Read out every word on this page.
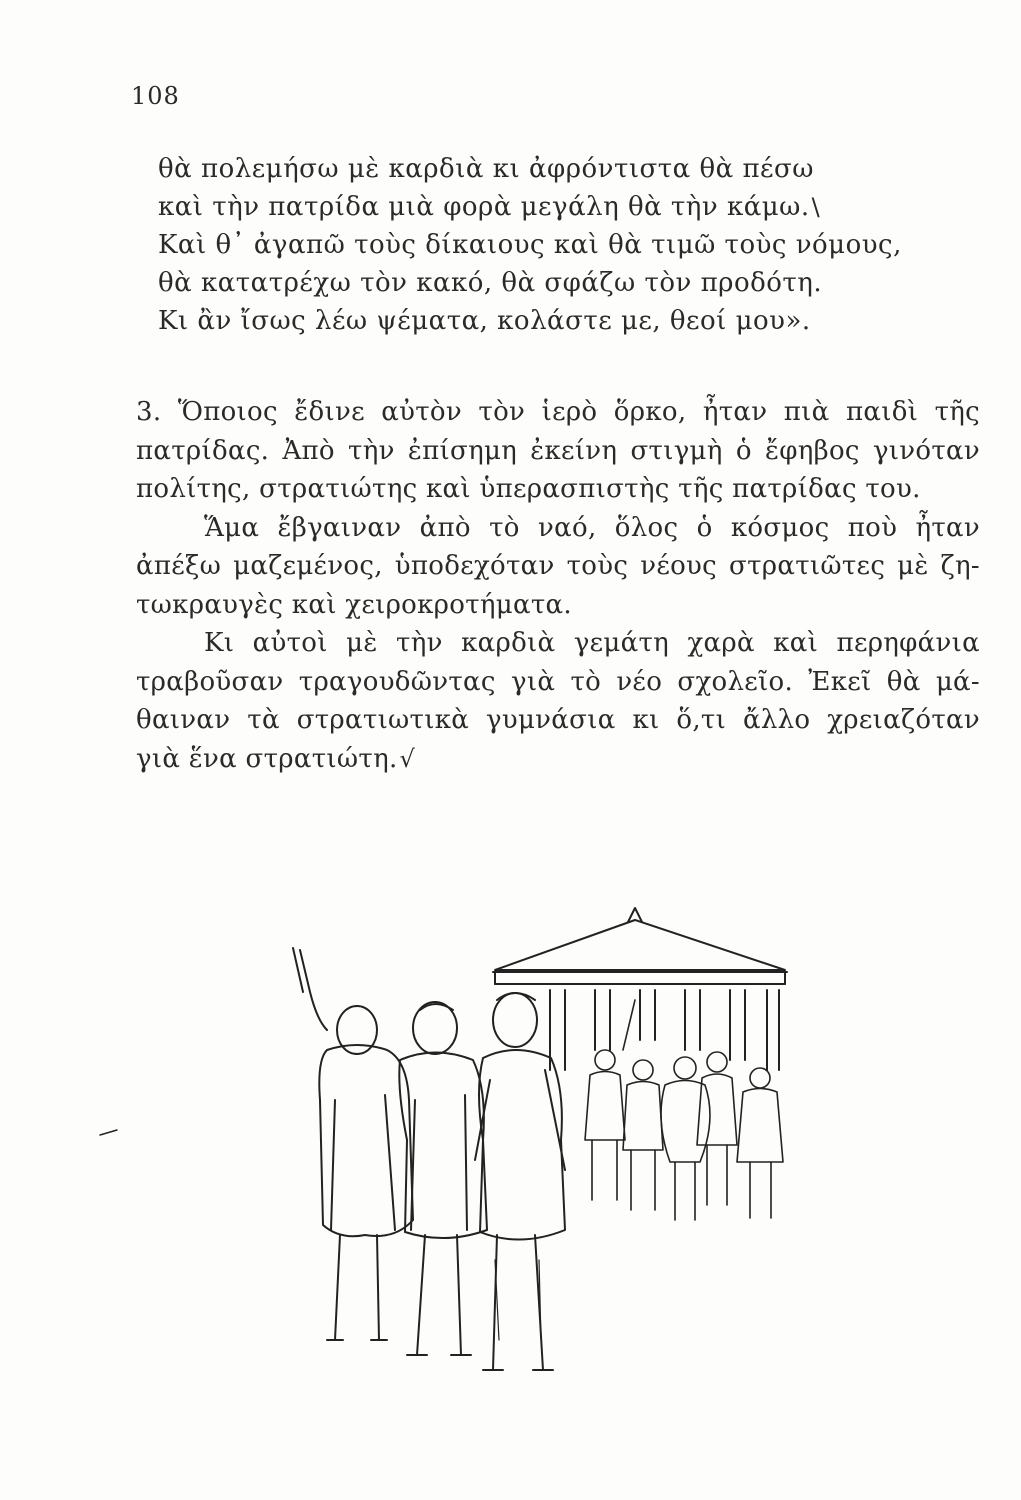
108
θὰ πολεμήσω μὲ καρδιὰ κι ἀφρόντιστα θὰ πέσω
καὶ τὴν πατρίδα μιὰ φορὰ μεγάλη θὰ τὴν κάμω.\
Καὶ θ᾽ ἀγαπῶ τοὺς δίκαιους καὶ θὰ τιμῶ τοὺς νόμους,
θὰ κατατρέχω τὸν κακό, θὰ σφάζω τὸν προδότη.
Κι ἂν ἴσως λέω ψέματα, κολάστε με, θεοί μου».
3. Ὅποιος ἔδινε αὐτὸν τὸν ἱερὸ ὅρκο, ἦταν πιὰ παιδὶ τῆς
πατρίδας. Ἀπὸ τὴν ἐπίσημη ἐκείνη στιγμὴ ὁ ἔφηβος γινόταν
πολίτης, στρατιώτης καὶ ὑπερασπιστὴς τῆς πατρίδας του.
Ἅμα ἔβγαιναν ἀπὸ τὸ ναό, ὅλος ὁ κόσμος ποὺ ἦταν
ἀπέξω μαζεμένος, ὑποδεχόταν τοὺς νέους στρατιῶτες μὲ ζη-
τωκραυγὲς καὶ χειροκροτήματα.
Κι αὐτοὶ μὲ τὴν καρδιὰ γεμάτη χαρὰ καὶ περηφάνια
τραβοῦσαν τραγουδῶντας γιὰ τὸ νέο σχολεῖο. Ἐκεῖ θὰ μά-
θαιναν τὰ στρατιωτικὰ γυμνάσια κι ὅ,τι ἄλλο χρειαζόταν
γιὰ ἕνα στρατιώτη.√
